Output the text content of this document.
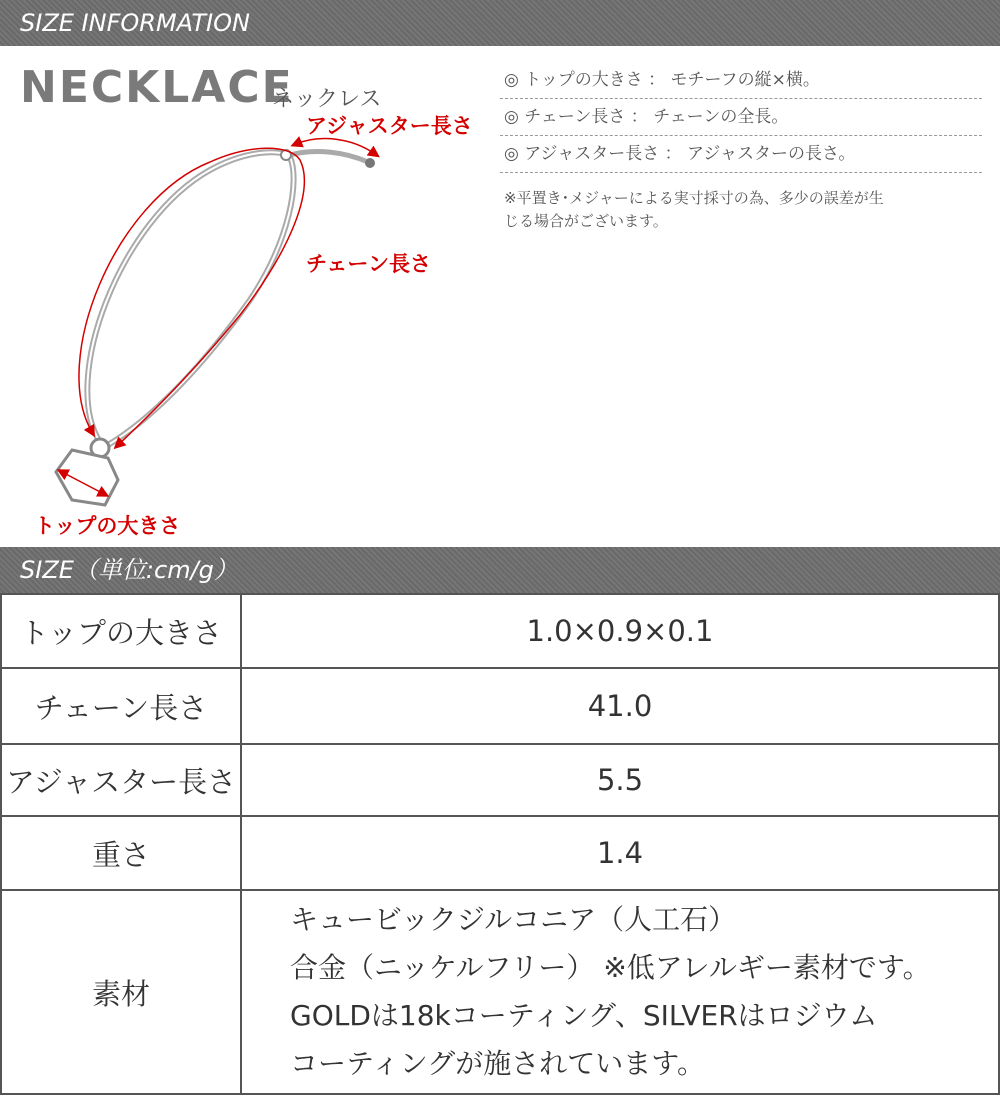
SIZE INFORMATION
NECKLACE
ネックレス
アジャスター長さ
チェーン長さ
トップの大きさ
◎ トップの大きさ ： モチーフの縦×横。
◎ チェーン長さ ： チェーンの全長。
◎ アジャスター長さ ： アジャスターの長さ。
※平置き･メジャーによる実寸採寸の為、多少の誤差が生
じる場合がございます。
SIZE（単位:cm/g）
トップの大きさ	1.0×0.9×0.1
チェーン長さ	41.0
アジャスター長さ	5.5
重さ	1.4
素材	キュービックジルコニア（人工石）
合金（ニッケルフリー） ※低アレルギー素材です。
GOLDは18kコーティング、SILVERはロジウム
コーティングが施されています。
